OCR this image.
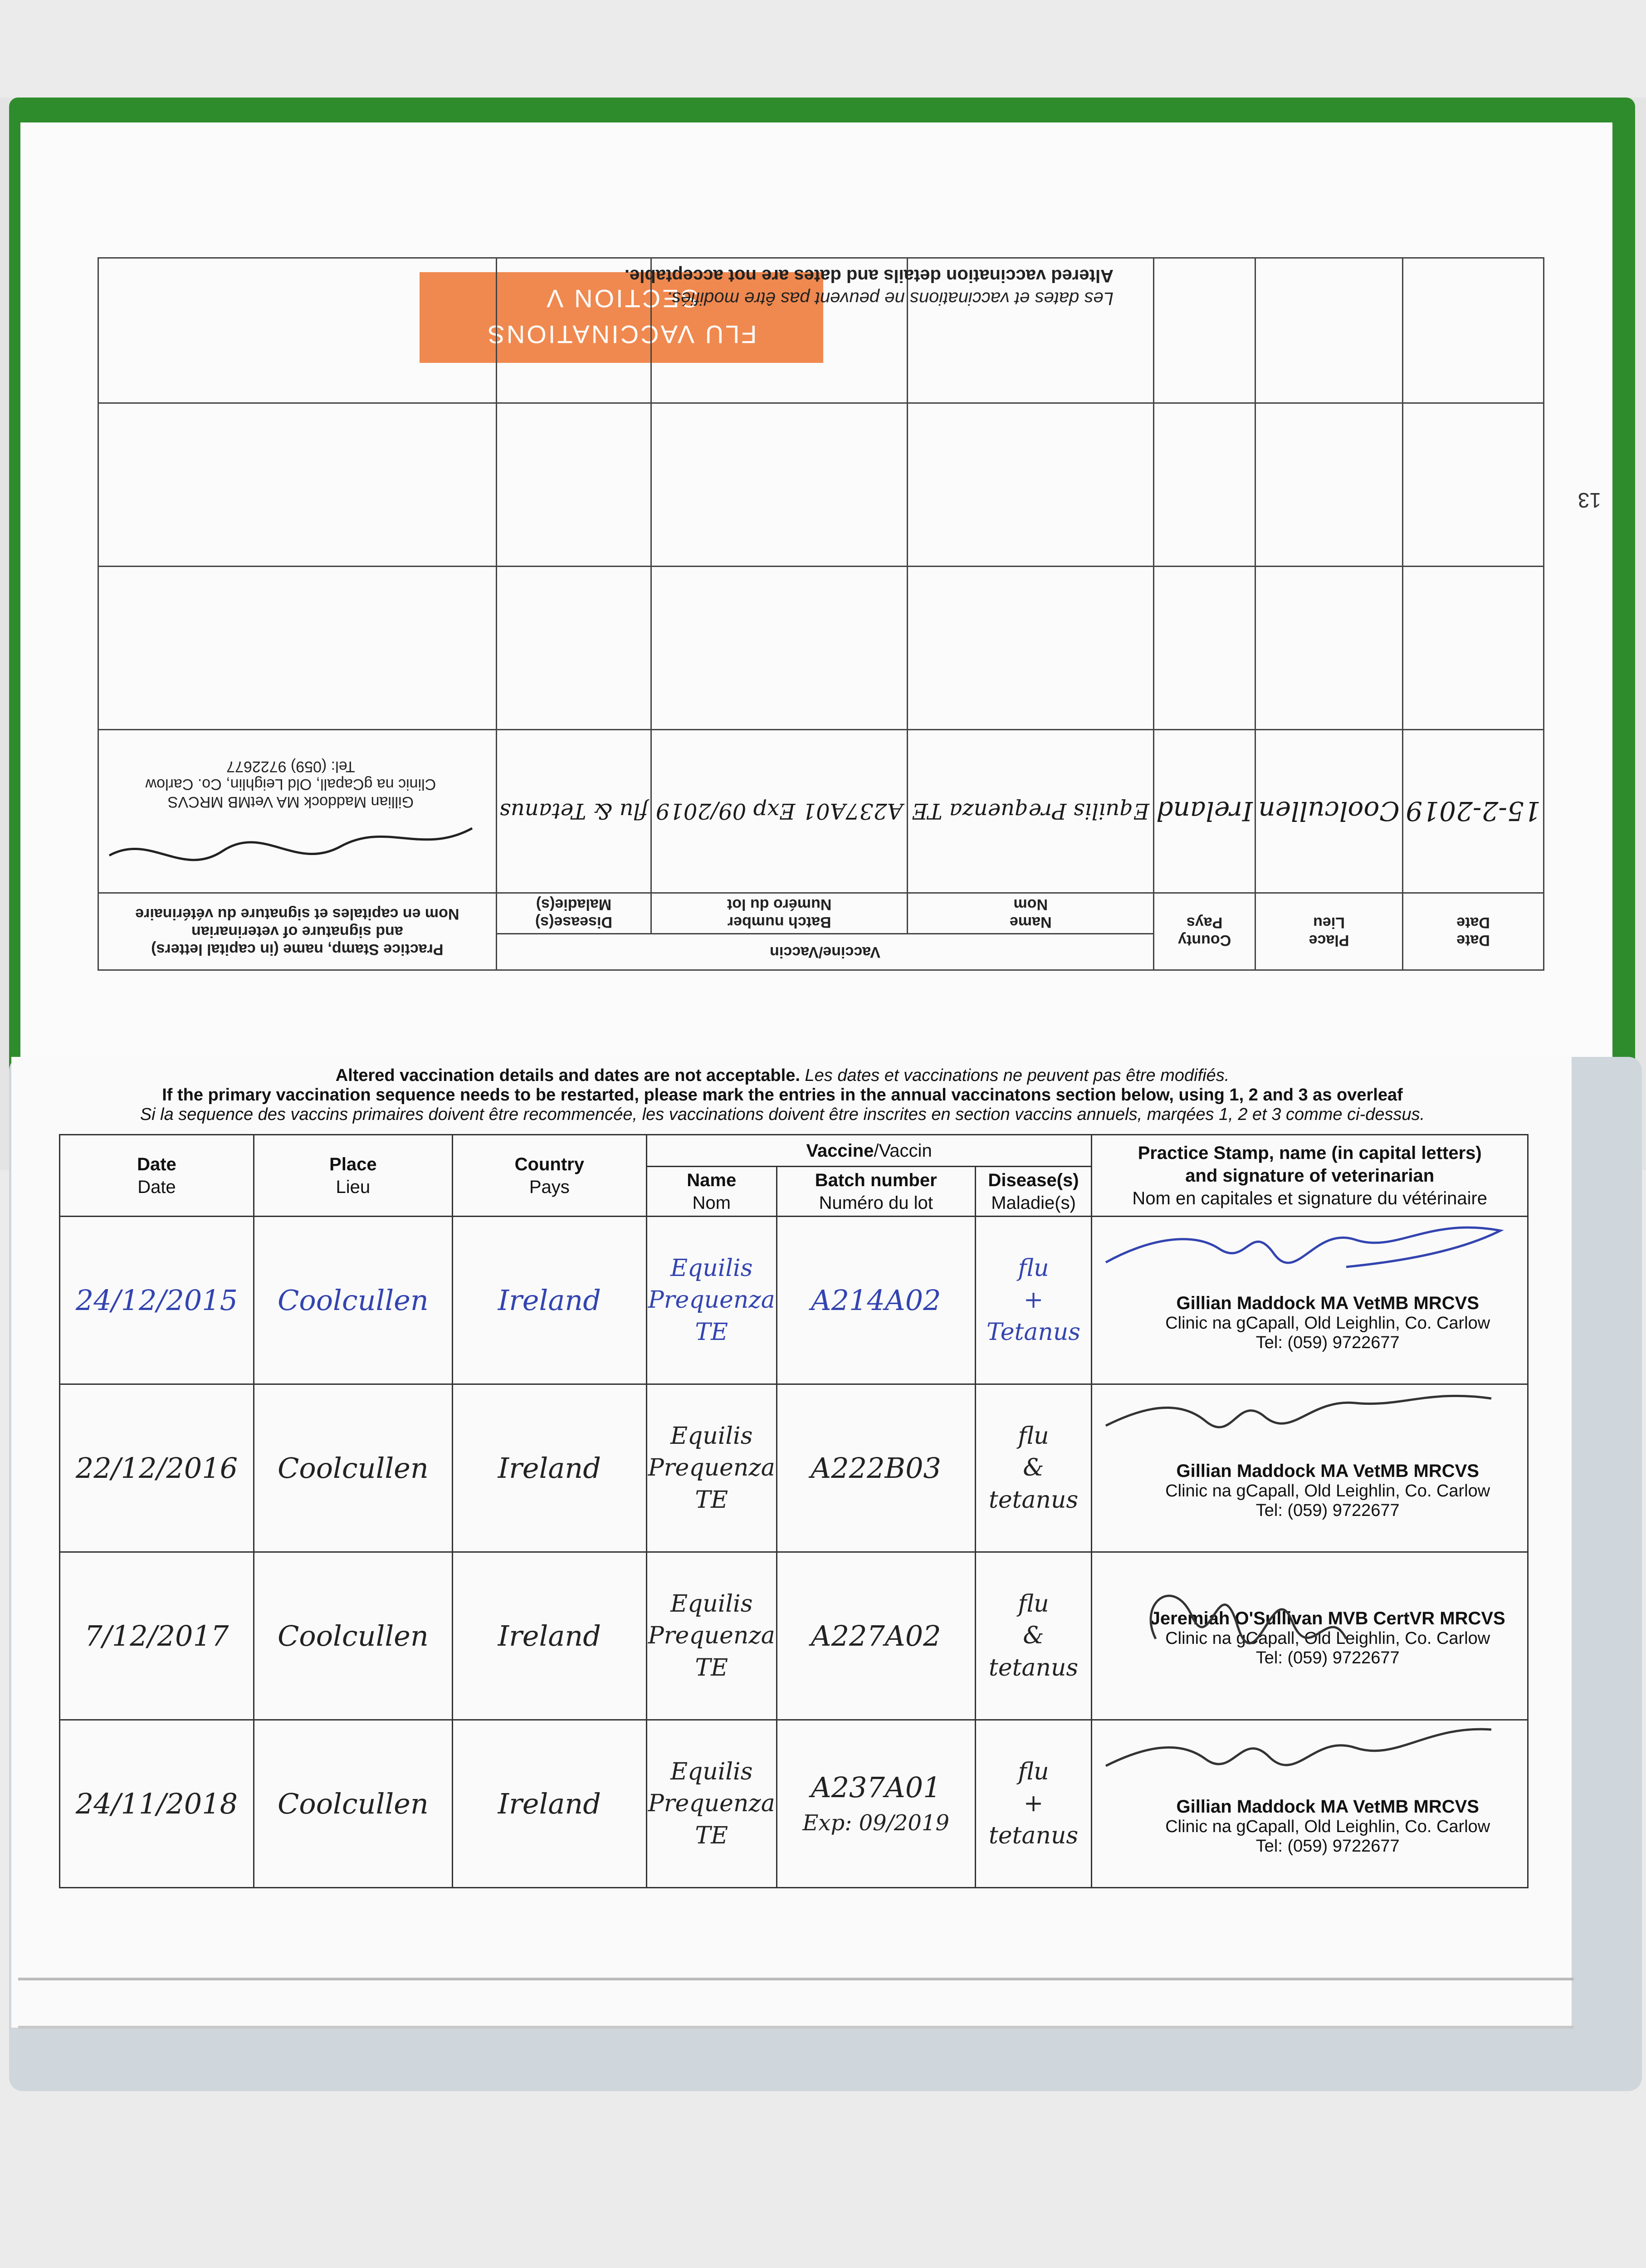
FLU VACCINATIONS
SECTION V
13
Date
Date	Place
Lieu	County
Pays	Vaccine/Vaccin			Practice Stamp, name (in capital letters)
and signature of veterinarian
Nom en capitales et signature du vétérinaire
			Name
Nom	Batch number
Numéro du lot	Disease(s)
Maladie(s)	
15-2-2019	Coolcullen	Ireland	Equilis Prequenza TE	A237A01 Exp 09/2019	flu & Tetanus	Gillian Maddock MA VetMB MRCVS
Clinic na gCapall, Old Leighlin, Co. Carlow
Tel: (059) 9722677

Altered vaccination details and dates are not acceptable.
Les dates et vaccinations ne peuvent pas être modifiés.
Altered vaccination details and dates are not acceptable. Les dates et vaccinations ne peuvent pas être modifiés.
If the primary vaccination sequence needs to be restarted, please mark the entries in the annual vaccinatons section below, using 1, 2 and 3 as overleaf
Si la sequence des vaccins primaires doivent être recommencée, les vaccinations doivent être inscrites en section vaccins annuels, marqées 1, 2 et 3 comme ci-dessus.
Date
Date	Place
Lieu	Country
Pays	Vaccine/Vaccin			Practice Stamp, name (in capital letters)
and signature of veterinarian
Nom en capitales et signature du vétérinaire

			Name
Nom	Batch number
Numéro du lot	Disease(s)
Maladie(s)	

24/12/2015	Coolcullen	Ireland	Equilis
Prequenza
TE	A214A02	flu
+
Tetanus	Gillian Maddock MA VetMB MRCVS
Clinic na gCapall, Old Leighlin, Co. Carlow
Tel: (059) 9722677

22/12/2016	Coolcullen	Ireland	Equilis
Prequenza
TE	A222B03	flu
&
tetanus	Gillian Maddock MA VetMB MRCVS
Clinic na gCapall, Old Leighlin, Co. Carlow
Tel: (059) 9722677

7/12/2017	Coolcullen	Ireland	Equilis
Prequenza
TE	A227A02	flu
&
tetanus	Jeremiah O'Sullivan MVB CertVR MRCVS
Clinic na gCapall, Old Leighlin, Co. Carlow
Tel: (059) 9722677

24/11/2018	Coolcullen	Ireland	Equilis
Prequenza
TE	A237A01
Exp: 09/2019	flu
+
tetanus	Gillian Maddock MA VetMB MRCVS
Clinic na gCapall, Old Leighlin, Co. Carlow
Tel: (059) 9722677
